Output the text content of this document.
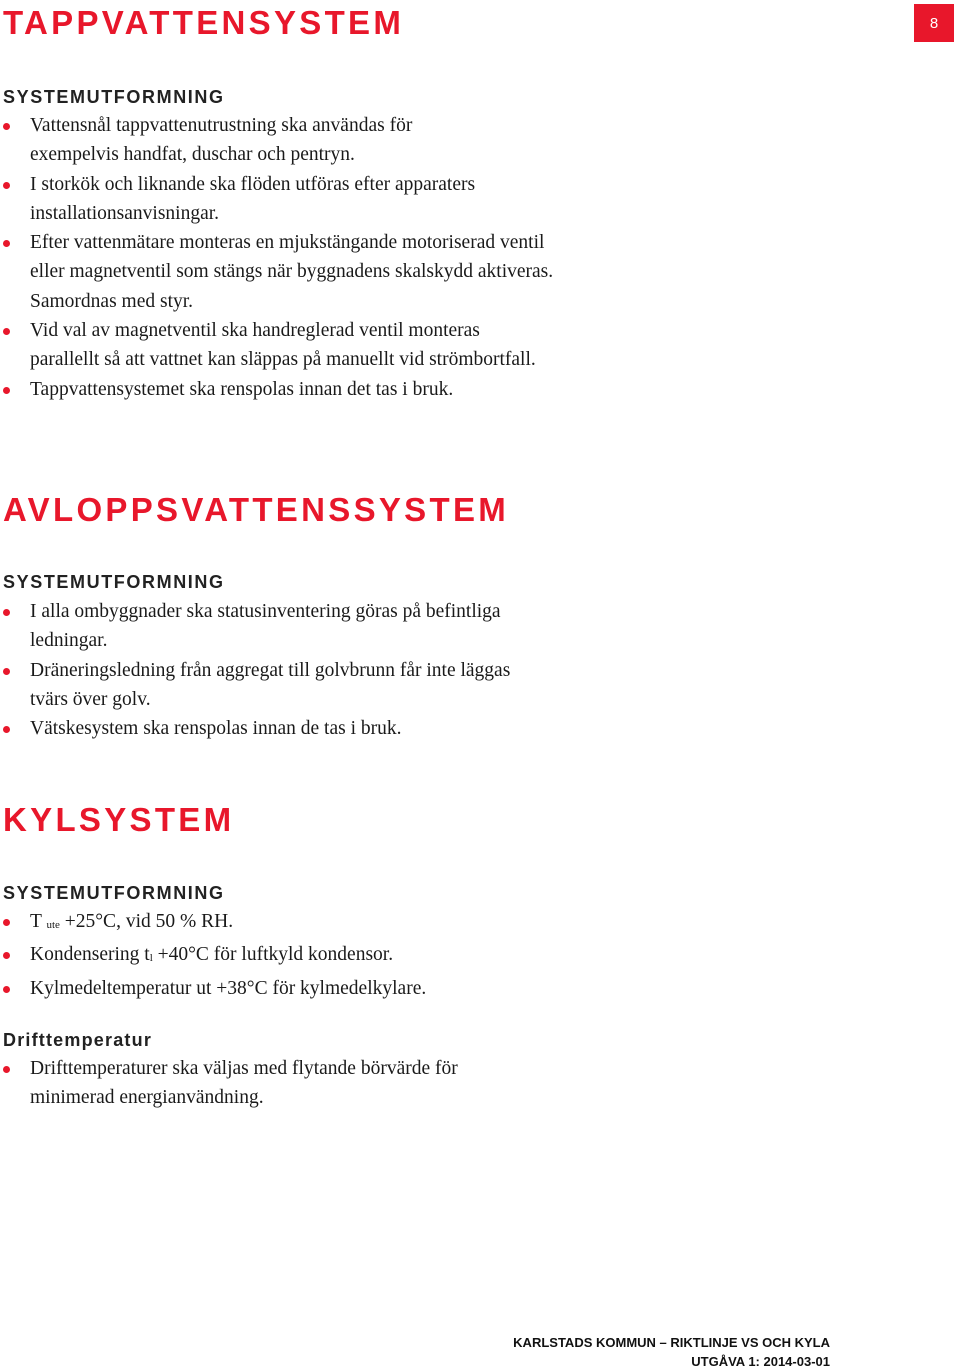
8
TAPPVATTENSYSTEM
SYSTEMUTFORMNING
Vattensnål tappvattenutrustning ska användas för exempelvis handfat, duschar och pentryn.
I storkök och liknande ska flöden utföras efter apparaters installationsanvisningar.
Efter vattenmätare monteras en mjukstängande motoriserad ventil eller magnetventil som stängs när byggnadens skalskydd aktiveras. Samordnas med styr.
Vid val av magnetventil ska handreglerad ventil monteras parallellt så att vattnet kan släppas på manuellt vid strömbortfall.
Tappvattensystemet ska renspolas innan det tas i bruk.
AVLOPPSVATTENSSYSTEM
SYSTEMUTFORMNING
I alla ombyggnader ska statusinventering göras på befintliga ledningar.
Dräneringsledning från aggregat till golvbrunn får inte läggas tvärs över golv.
Vätskesystem ska renspolas innan de tas i bruk.
KYLSYSTEM
SYSTEMUTFORMNING
T ute +25°C, vid 50 % RH.
Kondensering tl +40°C för luftkyld kondensor.
Kylmedeltemperatur ut +38°C för kylmedelkylare.
Drifttemperatur
Drifttemperaturer ska väljas med flytande börvärde för minimerad energianvändning.
KARLSTADS KOMMUN – RIKTLINJE VS OCH KYLA
UTGÅVA 1: 2014-03-01
